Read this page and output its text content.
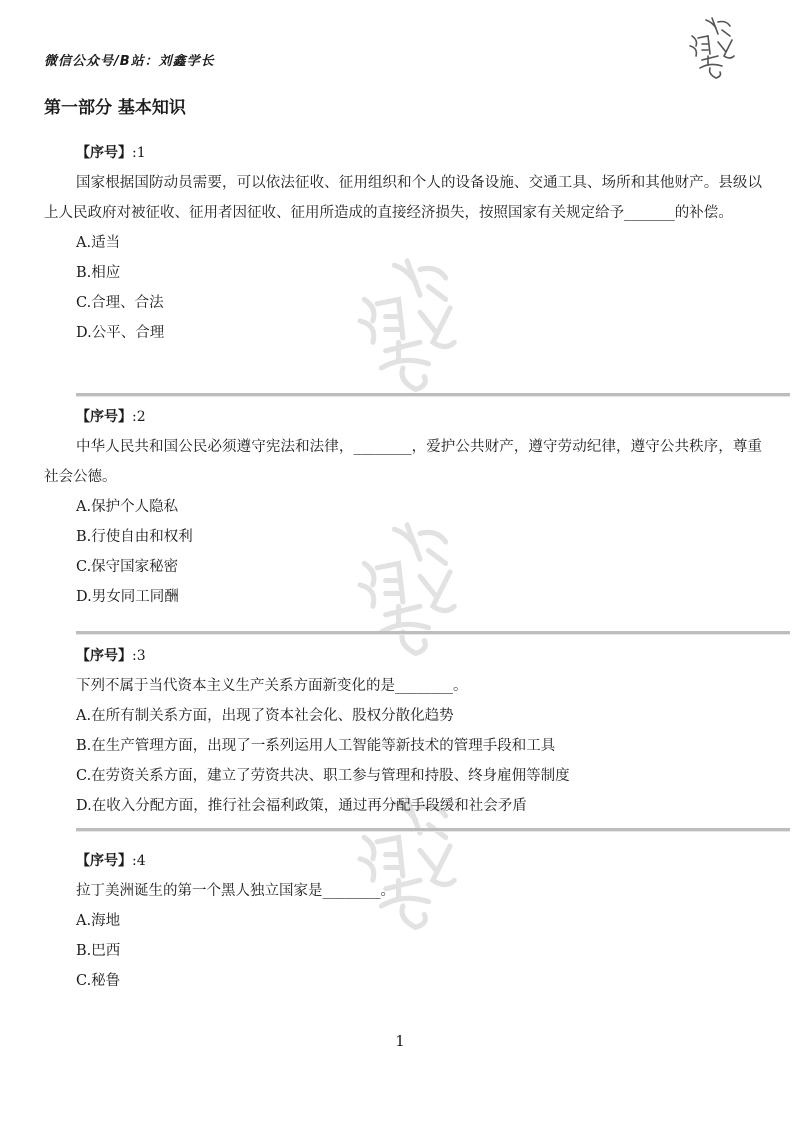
微信公众号/B站：刘鑫学长
第一部分 基本知识
【序号】:1

国家根据国防动员需要，可以依法征收、征用组织和个人的设备设施、交通工具、场所和其他财产。县级以上人民政府对被征收、征用者因征收、征用所造成的直接经济损失，按照国家有关规定给予_______的补偿。

A.适当
B.相应
C.合理、合法
D.公平、合理
【序号】:2

中华人民共和国公民必须遵守宪法和法律，________，爱护公共财产，遵守劳动纪律，遵守公共秩序，尊重社会公德。

A.保护个人隐私
B.行使自由和权利
C.保守国家秘密
D.男女同工同酬
【序号】:3

下列不属于当代资本主义生产关系方面新变化的是________。

A.在所有制关系方面，出现了资本社会化、股权分散化趋势
B.在生产管理方面，出现了一系列运用人工智能等新技术的管理手段和工具
C.在劳资关系方面，建立了劳资共决、职工参与管理和持股、终身雇佣等制度
D.在收入分配方面，推行社会福利政策，通过再分配手段缓和社会矛盾
【序号】:4

拉丁美洲诞生的第一个黑人独立国家是________。

A.海地
B.巴西
C.秘鲁
1
